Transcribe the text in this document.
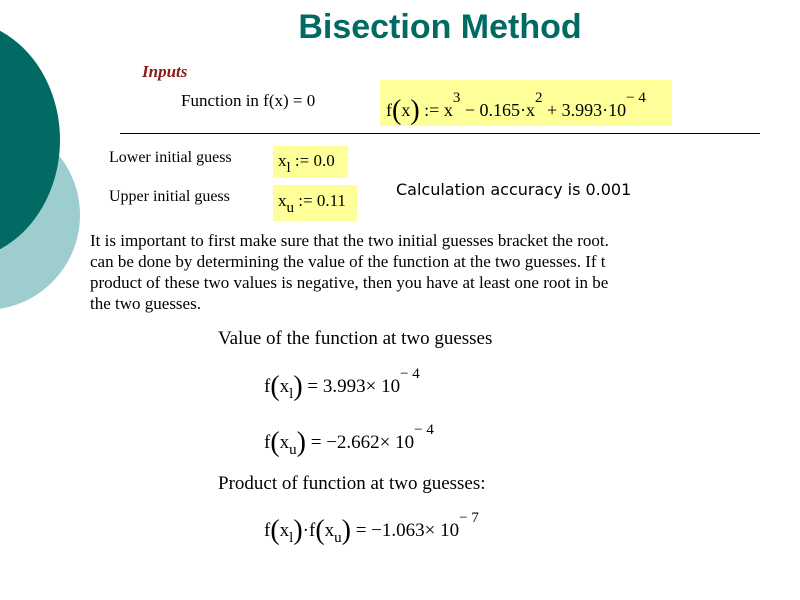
Bisection Method
Inputs
Function in f(x) = 0	f(x) := $x^3 - 0.165\cdot x^2 + 3.993\cdot 10^{- 4}$
Lower initial guess	xl := 0.0
Upper initial guess	xu := 0.11
Calculation accuracy is 0.001

It is important to first make sure that the two initial guesses bracket the root.

can be done by determining the value of the function at the two guesses. If t

product of these two values is negative, then you have at least one root in be

the two guesses.

Value of the function at two guesses
$f(x_l) = 3.993\times 10^{- 4}$
$f(x_u) = -2.662\times 10^{- 4}$
Product of function at two guesses:
$f(x_l)\cdot f(x_u) = -1.063\times 10^{- 7}$
